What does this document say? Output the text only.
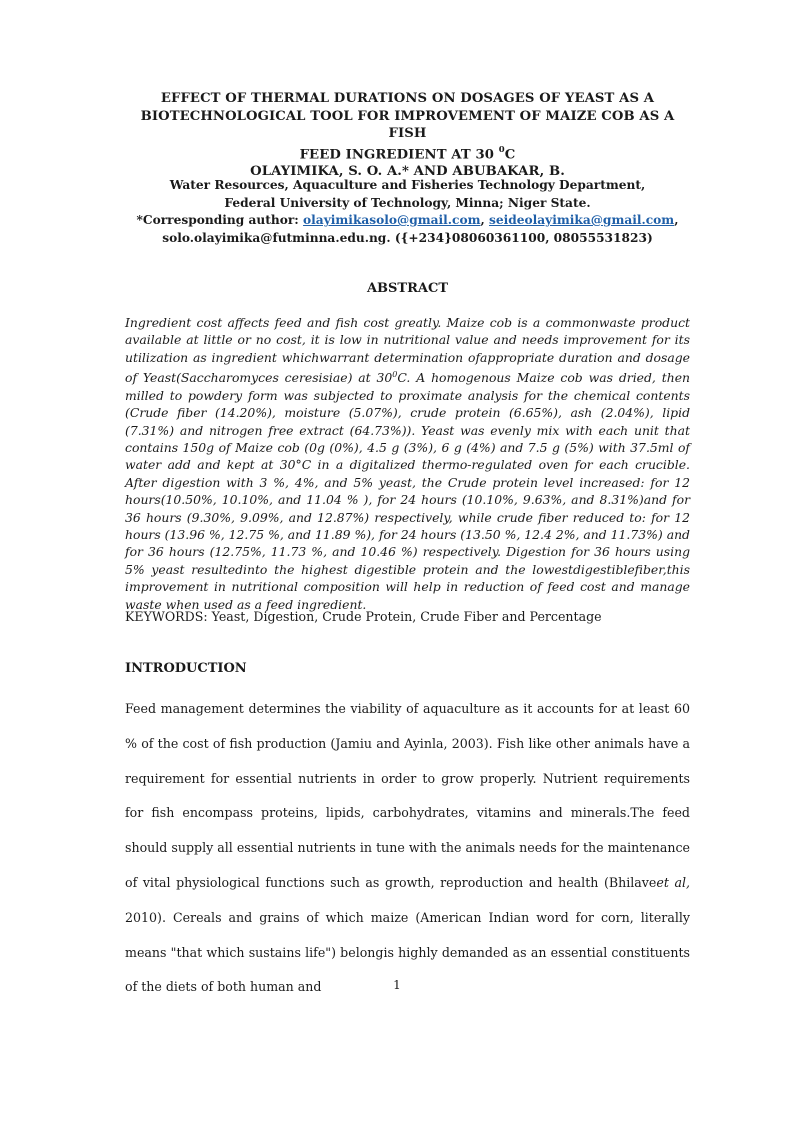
EFFECT OF THERMAL DURATIONS ON DOSAGES OF YEAST AS A
BIOTECHNOLOGICAL TOOL FOR IMPROVEMENT OF MAIZE COB AS A FISH
FEED INGREDIENT AT 30 $^0$C
OLAYIMIKA, S. O. A.* AND ABUBAKAR, B.
Water Resources, Aquaculture and Fisheries Technology Department,
Federal University of Technology, Minna; Niger State.
*Corresponding author: olayimikasolo@gmail.com, seideolayimika@gmail.com,
solo.olayimika@futminna.edu.ng. ({+234}08060361100, 08055531823)
ABSTRACT
Ingredient cost affects feed and fish cost greatly. Maize cob is a commonwaste product available at little or no cost, it is low in nutritional value and needs improvement for its utilization as ingredient whichwarrant determination ofappropriate duration and dosage of Yeast(Saccharomyces ceresisiae) at $30^0C$. A homogenous Maize cob was dried, then milled to powdery form was subjected to proximate analysis for the chemical contents (Crude fiber (14.20%), moisture (5.07%), crude protein (6.65%), ash (2.04%), lipid (7.31%) and nitrogen free extract (64.73%)). Yeast was evenly mix with each unit that contains 150g of Maize cob (0g (0%), 4.5 g (3%), 6 g (4%) and 7.5 g (5%) with 37.5ml of water add and kept at 30°C in a digitalized thermo-regulated oven for each crucible. After digestion with 3 %, 4%, and 5% yeast, the Crude protein level increased: for 12 hours(10.50%, 10.10%, and 11.04 % ), for 24 hours (10.10%, 9.63%, and 8.31%)and for 36 hours (9.30%, 9.09%, and 12.87%) respectively, while crude fiber reduced to: for 12 hours (13.96 %, 12.75 %, and 11.89 %), for 24 hours (13.50 %, 12.4 2%, and 11.73%) and for 36 hours (12.75%, 11.73 %, and 10.46 %) respectively. Digestion for 36 hours using 5% yeast resultedinto the highest digestible protein and the lowestdigestiblefiber,this improvement in nutritional composition will help in reduction of feed cost and manage waste when used as a feed ingredient.
KEYWORDS: Yeast, Digestion, Crude Protein, Crude Fiber and Percentage
INTRODUCTION
Feed management determines the viability of aquaculture as it accounts for at least 60 % of the cost of fish production (Jamiu and Ayinla, 2003). Fish like other animals have a requirement for essential nutrients in order to grow properly. Nutrient requirements for fish encompass proteins, lipids, carbohydrates, vitamins and minerals.The feed should supply all essential nutrients in tune with the animals needs for the maintenance of vital physiological functions such as growth, reproduction and health (Bhilaveet al, 2010). Cereals and grains of which maize (American Indian word for corn, literally means "that which sustains life") belongis highly demanded as an essential constituents of the diets of both human and	1
